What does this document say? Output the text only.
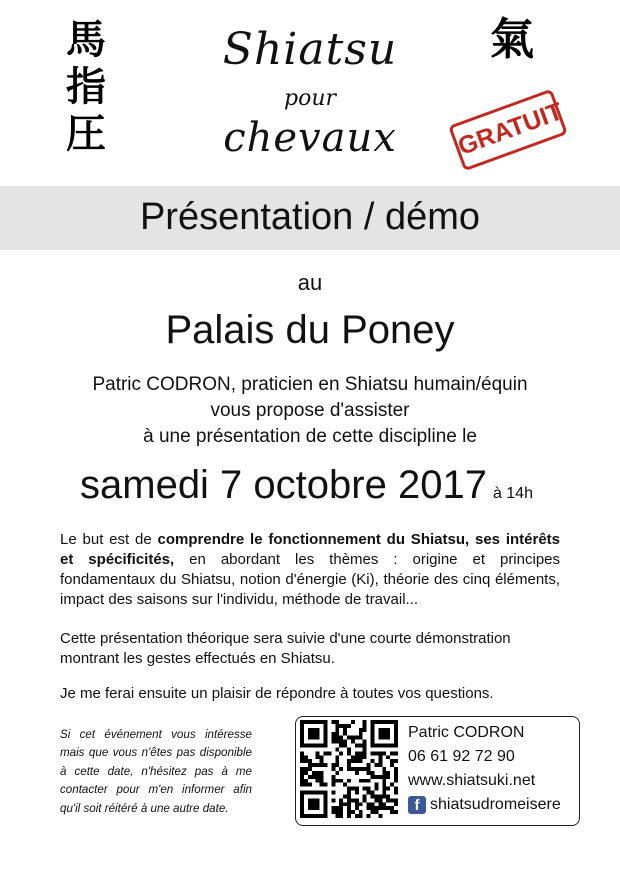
馬
指
圧
氣
Shiatsu
pour
chevaux	GRATUIT
Présentation / démo
au
Palais du Poney
Patric CODRON, praticien en Shiatsu humain/équin
vous propose d'assister
à une présentation de cette discipline le
samedi 7 octobre 2017 à 14h
Le but est de comprendre le fonctionnement du Shiatsu, ses intérêts et spécificités, en abordant les thèmes : origine et principes fondamentaux du Shiatsu, notion d'énergie (Ki), théorie des cinq éléments, impact des saisons sur l'individu, méthode de travail...
Cette présentation théorique sera suivie d'une courte démonstration montrant les gestes effectués en Shiatsu.
Je me ferai ensuite un plaisir de répondre à toutes vos questions.
Si cet événement vous intéresse mais que vous n'êtes pas disponible à cette date, n'hésitez pas à me contacter pour m'en informer afin qu'il soit réitéré à une autre date.
Patric CODRON
06 61 92 72 90
www.shiatsuki.net
f shiatsudromeisere
